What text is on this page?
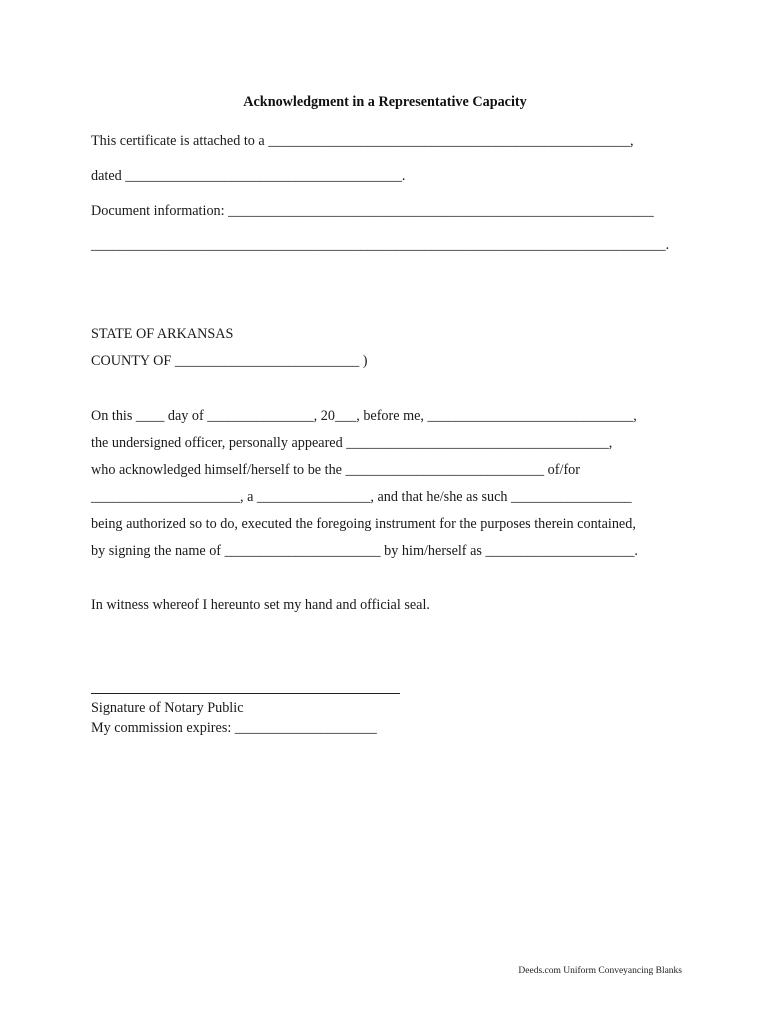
Acknowledgment in a Representative Capacity
This certificate is attached to a ___________________________________________________,
dated _______________________________________.
Document information: ____________________________________________________________
_________________________________________________________________________________.
STATE OF ARKANSAS
COUNTY OF __________________________ )
On this ____ day of _______________, 20___, before me, _____________________________,
the undersigned officer, personally appeared _____________________________________,
who acknowledged himself/herself to be the ____________________________ of/for
_____________________, a ________________, and that he/she as such _________________
being authorized so to do, executed the foregoing instrument for the purposes therein contained,
by signing the name of ______________________ by him/herself as _____________________.
In witness whereof I hereunto set my hand and official seal.
Signature of Notary Public
My commission expires: ____________________
Deeds.com Uniform Conveyancing Blanks
